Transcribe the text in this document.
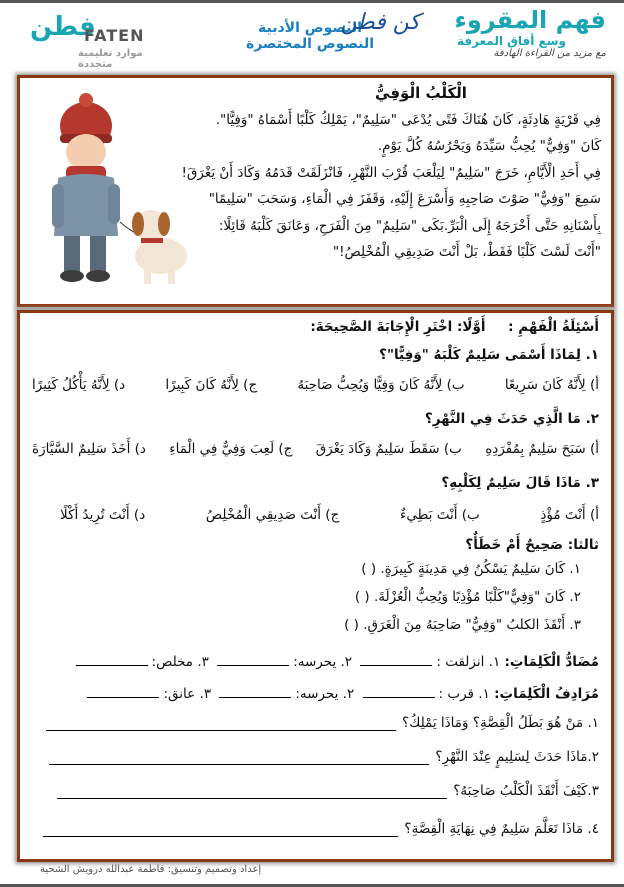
فهم المقروء
وسع أفاق المعرفة
مع مزيد من القراءة الهادفة
كن فطن
النصوص الأدبية
النصوص المختصرة
فطن
FATEN
موارد تعليمية متجددة
الْكَلْبُ الْوَفِيُّ

فِي قَرْيَةٍ هَادِئَةٍ، كَانَ هُنَاكَ فَتًى يُدْعَى "سَلِيمٌ"، يَمْلِكُ كَلْبًا أَسْمَاهُ "وَفِيًّا".

كَانَ "وَفِيٌّ" يُحِبُّ سَيِّدَهُ وَيَحْرُسُهُ كُلَّ يَوْمٍ.

فِي أَحَدِ الْأَيَّامِ، خَرَجَ "سَلِيمٌ" لِيَلْعَبَ قُرْبَ النَّهْرِ، فَانْزَلَقَتْ قَدَمُهُ وَكَادَ أَنْ يَغْرَقَ!

سَمِعَ "وَفِيٌّ" صَوْتَ صَاحِبِهِ وَأَسْرَعَ إِلَيْهِ، وَقَفَزَ فِي الْمَاءِ، وَسَحَبَ "سَلِيمًا"

بِأَسْنَانِهِ حَتَّى أَخْرَجَهُ إِلَى الْبَرِّ.بَكَى "سَلِيمٌ" مِنَ الْفَرَحِ، وَعَانَقَ كَلْبَهُ قَائِلًا:

"أَنْتَ لَسْتَ كَلْبًا فَقَطْ، بَلْ أَنْتَ صَدِيقِي الْمُخْلِصُ!"

أَسْئِلَةُ الْفَهْمِ : أَوَّلًا: اخْتَرِ الْإِجَابَةَ الصَّحِيحَةَ:
١. لِمَاذَا أَسْمَى سَلِيمٌ كَلْبَهُ "وَفِيًّا"؟
أ) لِأَنَّهُ كَانَ سَرِيعًا
ب) لِأَنَّهُ كَانَ وَفِيًّا وَيُحِبُّ صَاحِبَهُ
ج) لِأَنَّهُ كَانَ كَبِيرًا
د) لِأَنَّهُ يَأْكُلُ كَثِيرًا
٢. مَا الَّذِي حَدَثَ فِي النَّهْرِ؟
أ) سَبَحَ سَلِيمٌ بِمُفْرَدِهِ
ب) سَقَطَ سَلِيمٌ وَكَادَ يَغْرَقَ
ج) لَعِبَ وَفِيٌّ فِي الْمَاءِ
د) أَخَذَ سَلِيمٌ السَّيَّارَةَ
٣. مَاذَا قَالَ سَلِيمٌ لِكَلْبِهِ؟
أ) أَنْتَ مُؤْذٍ
ب) أَنْتَ بَطِيءٌ
ج) أَنْتَ صَدِيقِي الْمُخْلِصُ
د) أَنْتَ تُرِيدُ أَكْلًا
ثالثا: صَحِيحٌ أَمْ خَطَأٌ؟
١. كَانَ سَلِيمٌ يَسْكُنُ فِي مَدِينَةٍ كَبِيرَةٍ. ( )
٢. كَانَ "وَفِيٌّ"كَلْبًا مُؤْذِيًا وَيُحِبُّ الْعُزْلَةَ. ( )
٣. أَنْقَذَ الكلبُ "وَفِيٌّ" صَاحِبَهُ مِنَ الْغَرَقِ. ( )
مُضَادُّ الْكَلِمَاتِ: ١. انزلقت : ٢. يحرسه: ٣. مخلص:
مُرَادِفُ الْكَلِمَاتِ: ١. قرب : ٢. يحرسه: ٣. عانق:
١. مَنْ هُوَ بَطَلُ الْقِصَّةِ؟ وَمَاذَا يَمْلِكُ؟
٢.مَاذَا حَدَثَ لِسَلِيمٍ عِنْدَ النَّهْرِ؟
٣.كَيْفَ أَنْقَذَ الْكَلْبُ صَاحِبَهُ؟
٤. مَاذَا تَعَلَّمَ سَلِيمٌ فِي نِهَايَةِ الْقِصَّةِ؟
إعداد وتصميم وتنسيق: فاطمة عبدالله درويش الشحية
